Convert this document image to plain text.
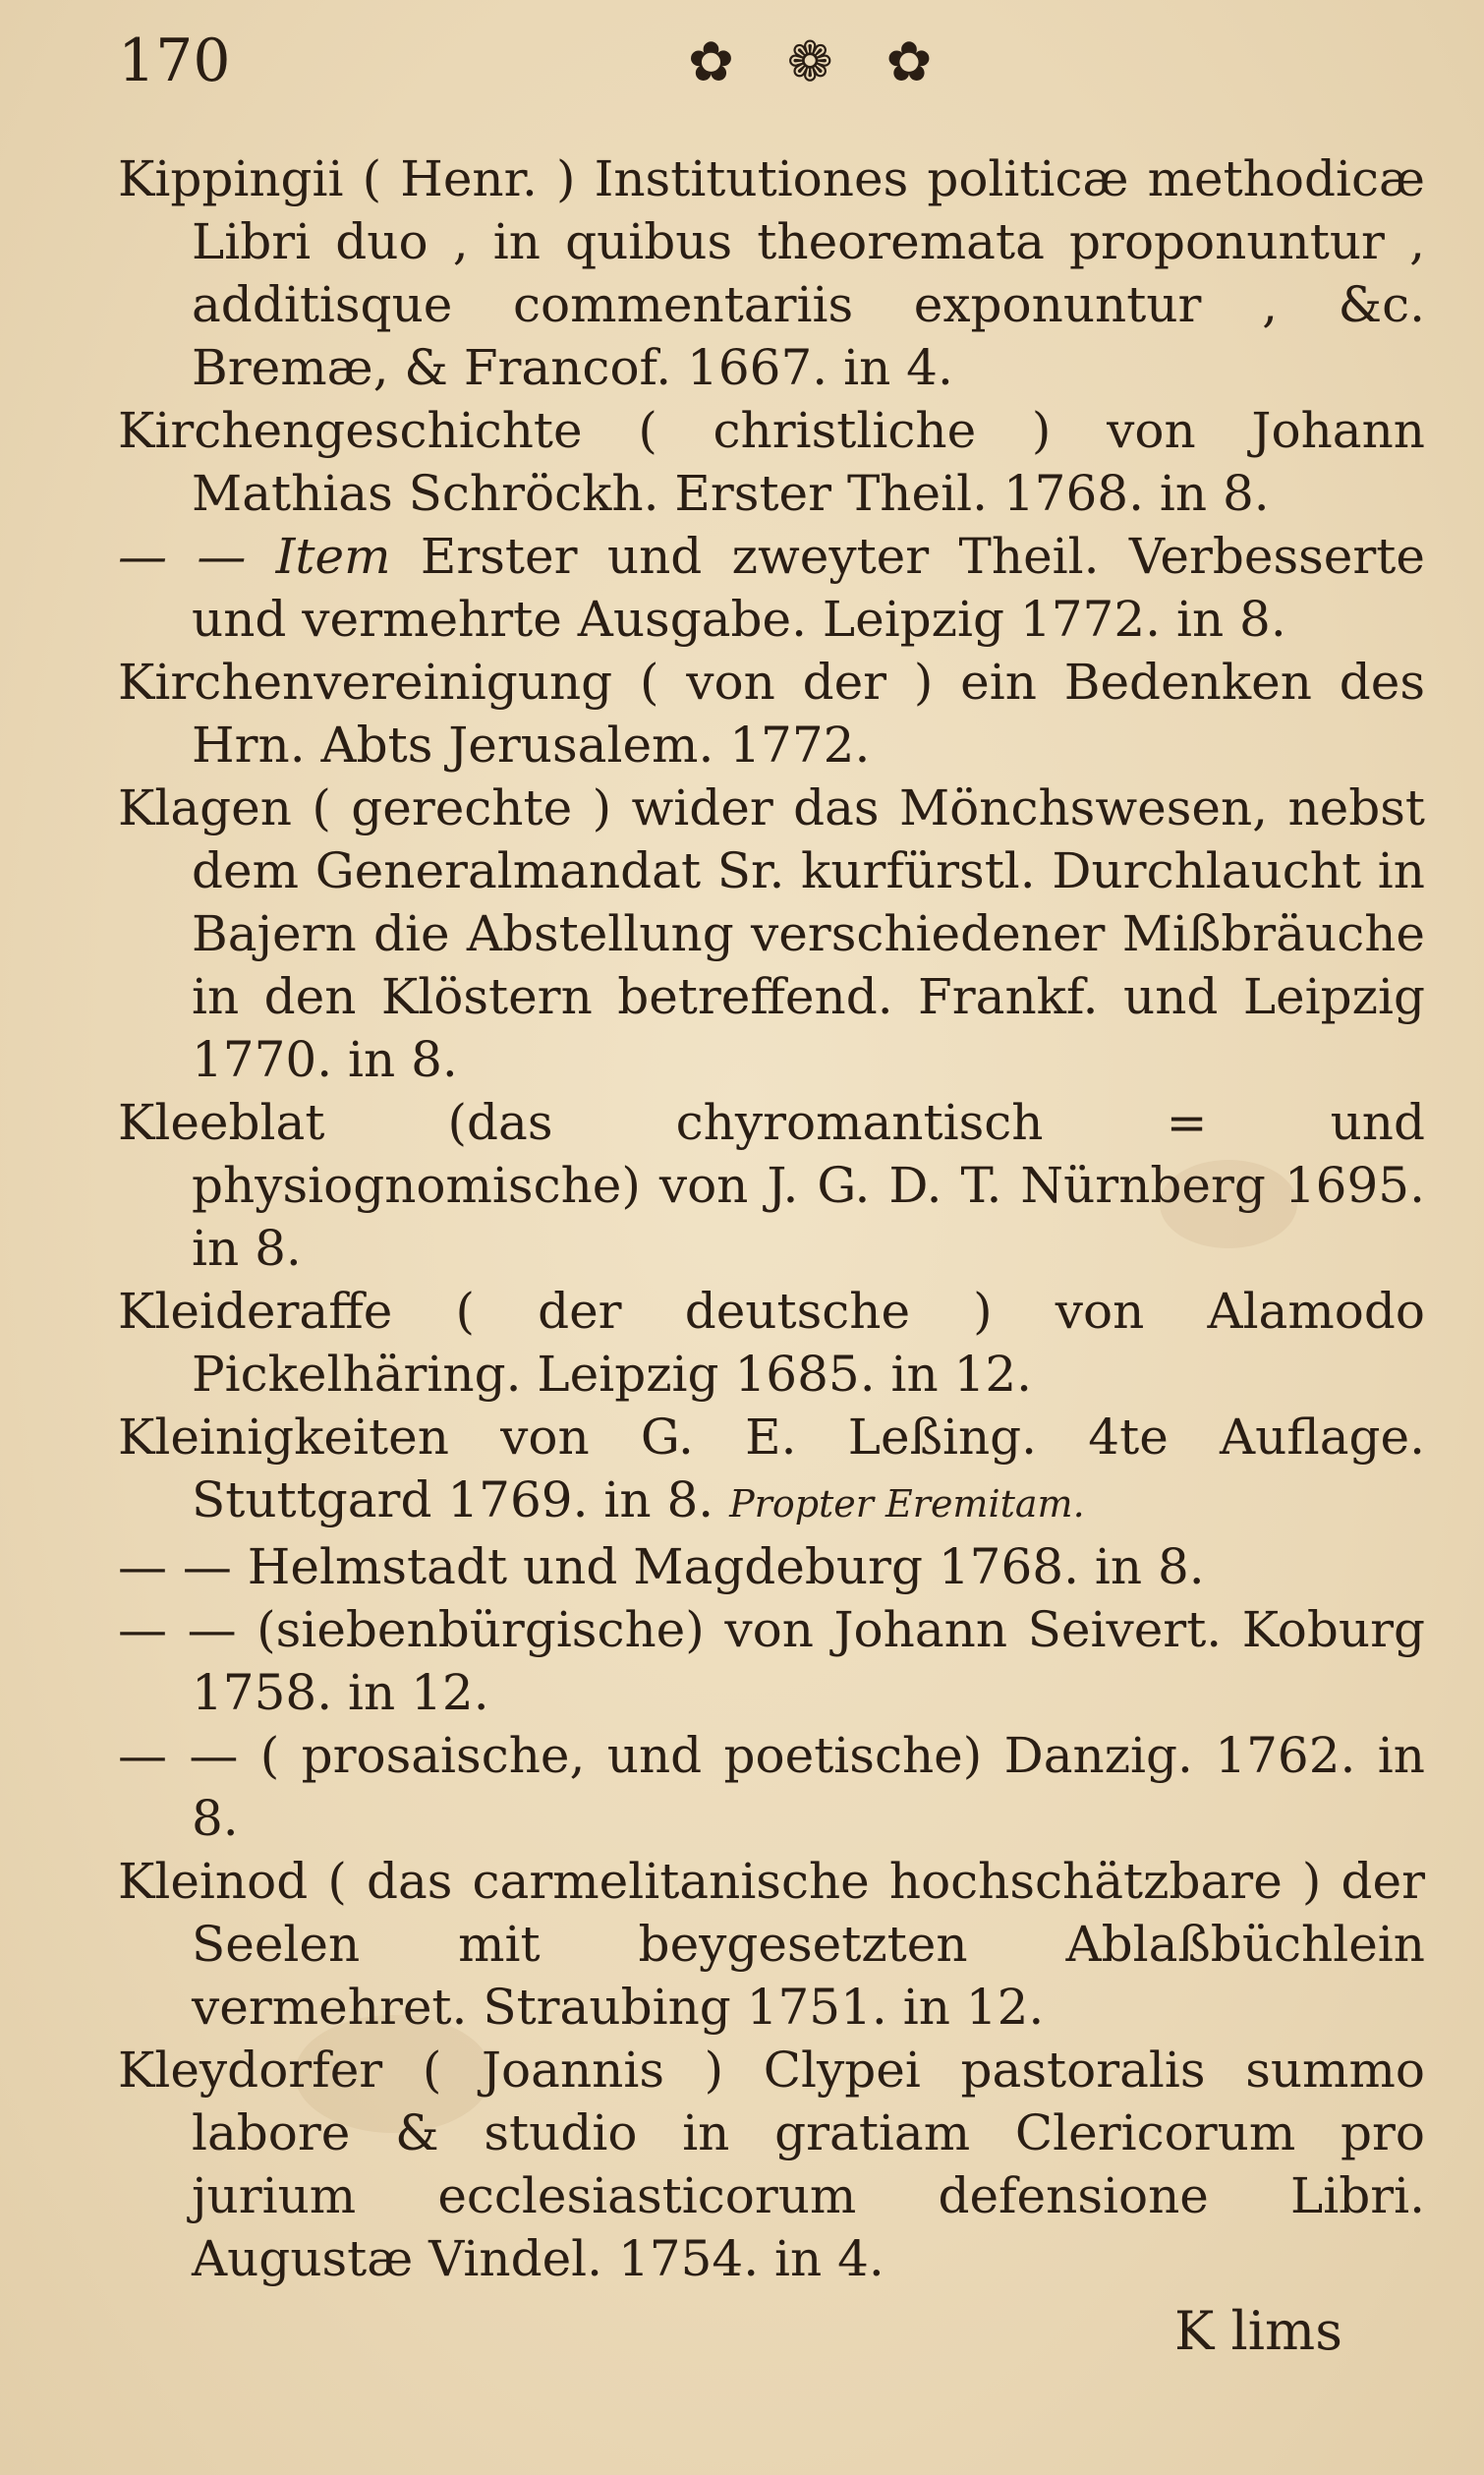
170	✿ ❁ ✿

Kippingii ( Henr. ) Institutiones politicæ methodicæ Libri duo , in quibus theoremata proponuntur , additisque commentariis exponuntur , &c. Bremæ, & Francof. 1667. in 4.

Kirchengeschichte ( christliche ) von Johann Mathias Schröckh. Erster Theil. 1768. in 8.

— — Item Erster und zweyter Theil. Verbesserte und vermehrte Ausgabe. Leipzig 1772. in 8.

Kirchenvereinigung ( von der ) ein Bedenken des Hrn. Abts Jerusalem. 1772.

Klagen ( gerechte ) wider das Mönchswesen, nebst dem Generalmandat Sr. kurfürstl. Durchlaucht in Bajern die Abstellung verschiedener Mißbräuche in den Klöstern betreffend. Frankf. und Leipzig 1770. in 8.

Kleeblat (das chyromantisch = und physiognomische) von J. G. D. T. Nürnberg 1695. in 8.

Kleideraffe ( der deutsche ) von Alamodo Pickelhäring. Leipzig 1685. in 12.

Kleinigkeiten von G. E. Leßing. 4te Auflage. Stuttgard 1769. in 8. Propter Eremitam.

— — Helmstadt und Magdeburg 1768. in 8.

— — (siebenbürgische) von Johann Seivert. Koburg 1758. in 12.

— — ( prosaische, und poetische) Danzig. 1762. in 8.

Kleinod ( das carmelitanische hochschätzbare ) der Seelen mit beygesetzten Ablaßbüchlein vermehret. Straubing 1751. in 12.

Kleydorfer ( Joannis ) Clypei pastoralis summo labore & studio in gratiam Clericorum pro jurium ecclesiasticorum defensione Libri. Augustæ Vindel. 1754. in 4.

K lims
